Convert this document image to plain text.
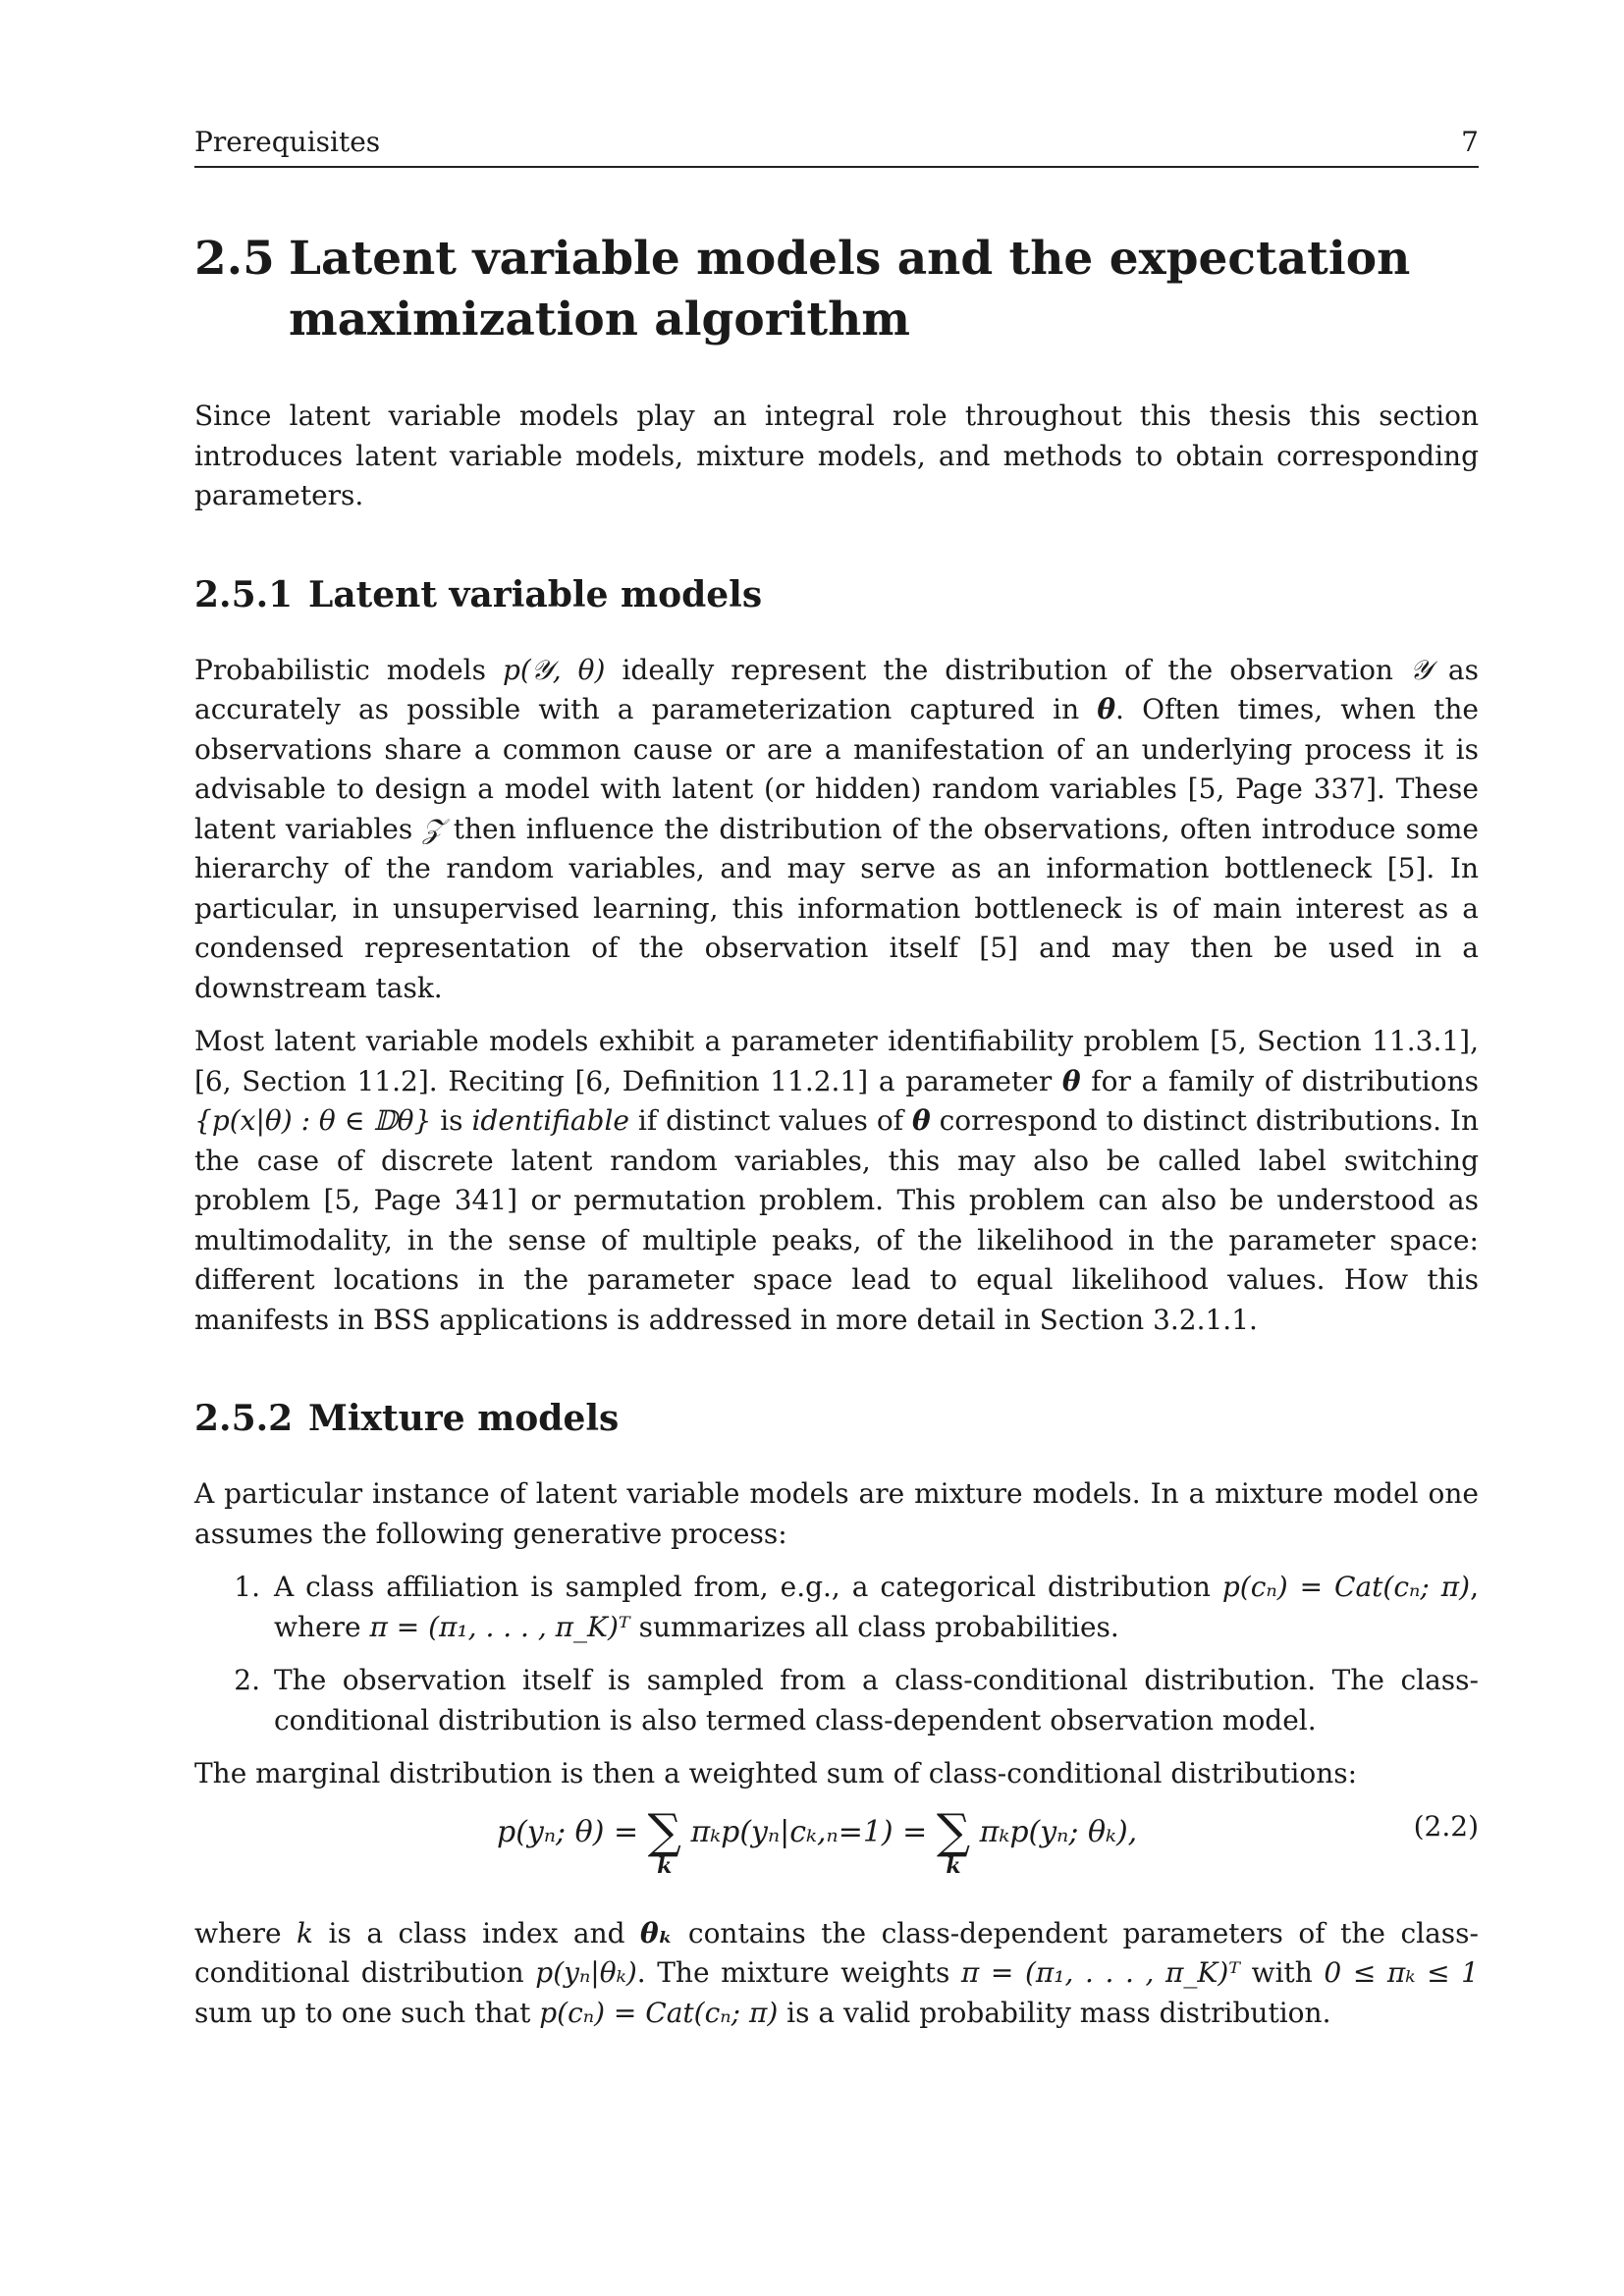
Prerequisites	7
2.5 Latent variable models and the expectation
maximization algorithm

Since latent variable models play an integral role throughout this thesis this section introduces latent variable models, mixture models, and methods to obtain corresponding parameters.

2.5.1 Latent variable models

Probabilistic models p(𝒴, θ) ideally represent the distribution of the observation 𝒴 as accurately as possible with a parameterization captured in θ. Often times, when the observations share a common cause or are a manifestation of an underlying process it is advisable to design a model with latent (or hidden) random variables [5, Page 337]. These latent variables 𝒵 then influence the distribution of the observations, often introduce some hierarchy of the random variables, and may serve as an information bottleneck [5]. In particular, in unsupervised learning, this information bottleneck is of main interest as a condensed representation of the observation itself [5] and may then be used in a downstream task.

Most latent variable models exhibit a parameter identifiability problem [5, Section 11.3.1], [6, Section 11.2]. Reciting [6, Definition 11.2.1] a parameter θ for a family of distributions {p(x|θ) : θ ∈ 𝔻θ} is identifiable if distinct values of θ correspond to distinct distributions. In the case of discrete latent random variables, this may also be called label switching problem [5, Page 341] or permutation problem. This problem can also be understood as multimodality, in the sense of multiple peaks, of the likelihood in the parameter space: different locations in the parameter space lead to equal likelihood values. How this manifests in BSS applications is addressed in more detail in Section 3.2.1.1.

2.5.2 Mixture models

A particular instance of latent variable models are mixture models. In a mixture model one assumes the following generative process:

1. A class affiliation is sampled from, e.g., a categorical distribution p(cₙ) = Cat(cₙ; π), where π = (π₁, . . . , π_K)ᵀ summarizes all class probabilities.
2. The observation itself is sampled from a class-conditional distribution. The class-conditional distribution is also termed class-dependent observation model.

The marginal distribution is then a weighted sum of class-conditional distributions:

p(yₙ; θ) = ∑
k
πₖp(yₙ|cₖ,ₙ=1) = ∑
k
πₖp(yₙ; θₖ),	(2.2)

where k is a class index and θₖ contains the class-dependent parameters of the class-conditional distribution p(yₙ|θₖ). The mixture weights π = (π₁, . . . , π_K)ᵀ with 0 ≤ πₖ ≤ 1 sum up to one such that p(cₙ) = Cat(cₙ; π) is a valid probability mass distribution.
